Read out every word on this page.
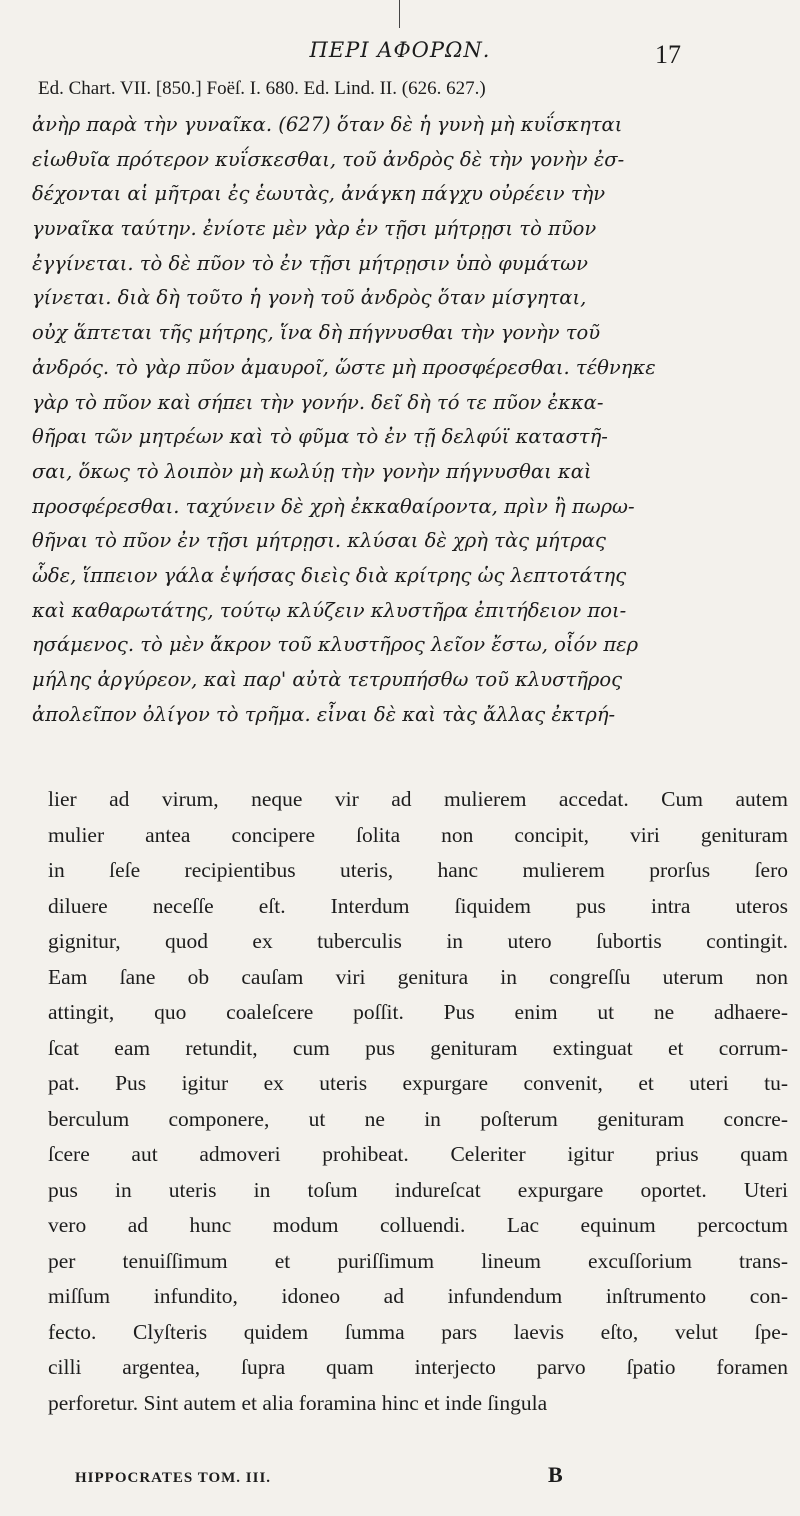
ΠΕΡΙ ΑΦΟΡΩΝ.	17
Ed. Chart. VII. [850.] Foëſ. I. 680. Ed. Lind. II. (626. 627.)
ἀνὴρ παρὰ τὴν γυναῖκα. (627) ὅταν δὲ ἡ γυνὴ μὴ κυΐσκηται
εἰωθυῖα πρότερον κυΐσκεσθαι, τοῦ ἀνδρὸς δὲ τὴν γονὴν ἐσ-
δέχονται αἱ μῆτραι ἐς ἑωυτὰς, ἀνάγκη πάγχυ οὐρέειν τὴν
γυναῖκα ταύτην. ἐνίοτε μὲν γὰρ ἐν τῇσι μήτρῃσι τὸ πῦον
ἐγγίνεται. τὸ δὲ πῦον τὸ ἐν τῇσι μήτρῃσιν ὑπὸ φυμάτων
γίνεται. διὰ δὴ τοῦτο ἡ γονὴ τοῦ ἀνδρὸς ὅταν μίσγηται,
οὐχ ἅπτεται τῆς μήτρης, ἵνα δὴ πήγνυσθαι τὴν γονὴν τοῦ
ἀνδρός. τὸ γὰρ πῦον ἀμαυροῖ, ὥστε μὴ προσφέρεσθαι. τέθνηκε
γὰρ τὸ πῦον καὶ σήπει τὴν γονήν. δεῖ δὴ τό τε πῦον ἐκκα-
θῆραι τῶν μητρέων καὶ τὸ φῦμα τὸ ἐν τῇ δελφύϊ καταστῆ-
σαι, ὅκως τὸ λοιπὸν μὴ κωλύῃ τὴν γονὴν πήγνυσθαι καὶ
προσφέρεσθαι. ταχύνειν δὲ χρὴ ἐκκαθαίροντα, πρὶν ἢ πωρω-
θῆναι τὸ πῦον ἐν τῇσι μήτρῃσι. κλύσαι δὲ χρὴ τὰς μήτρας
ὧδε, ἵππειον γάλα ἑψήσας διεὶς διὰ κρίτρης ὡς λεπτοτάτης
καὶ καθαρωτάτης, τούτῳ κλύζειν κλυστῆρα ἐπιτήδειον ποι-
ησάμενος. τὸ μὲν ἄκρον τοῦ κλυστῆρος λεῖον ἔστω, οἷόν περ
μήλης ἀργύρεον, καὶ παρ' αὐτὰ τετρυπήσθω τοῦ κλυστῆρος
ἀπολεῖπον ὀλίγον τὸ τρῆμα. εἶναι δὲ καὶ τὰς ἄλλας ἐκτρή-
lier ad virum, neque vir ad mulierem accedat. Cum autem
mulier antea concipere ſolita non concipit, viri genituram
in ſeſe recipientibus uteris, hanc mulierem prorſus ſero
diluere neceſſe eſt. Interdum ſiquidem pus intra uteros
gignitur, quod ex tuberculis in utero ſubortis contingit.
Eam ſane ob cauſam viri genitura in congreſſu uterum non
attingit, quo coaleſcere poſſit. Pus enim ut ne adhaere-
ſcat eam retundit, cum pus genituram extinguat et corrum-
pat. Pus igitur ex uteris expurgare convenit, et uteri tu-
berculum componere, ut ne in poſterum genituram concre-
ſcere aut admoveri prohibeat. Celeriter igitur prius quam
pus in uteris in toſum indureſcat expurgare oportet. Uteri
vero ad hunc modum colluendi. Lac equinum percoctum
per tenuiſſimum et puriſſimum lineum excuſſorium trans-
miſſum infundito, idoneo ad infundendum inſtrumento con-
fecto. Clyſteris quidem ſumma pars laevis eſto, velut ſpe-
cilli argentea, ſupra quam interjecto parvo ſpatio foramen
perforetur. Sint autem et alia foramina hinc et inde ſingula
HIPPOCRATES TOM. III.	B
